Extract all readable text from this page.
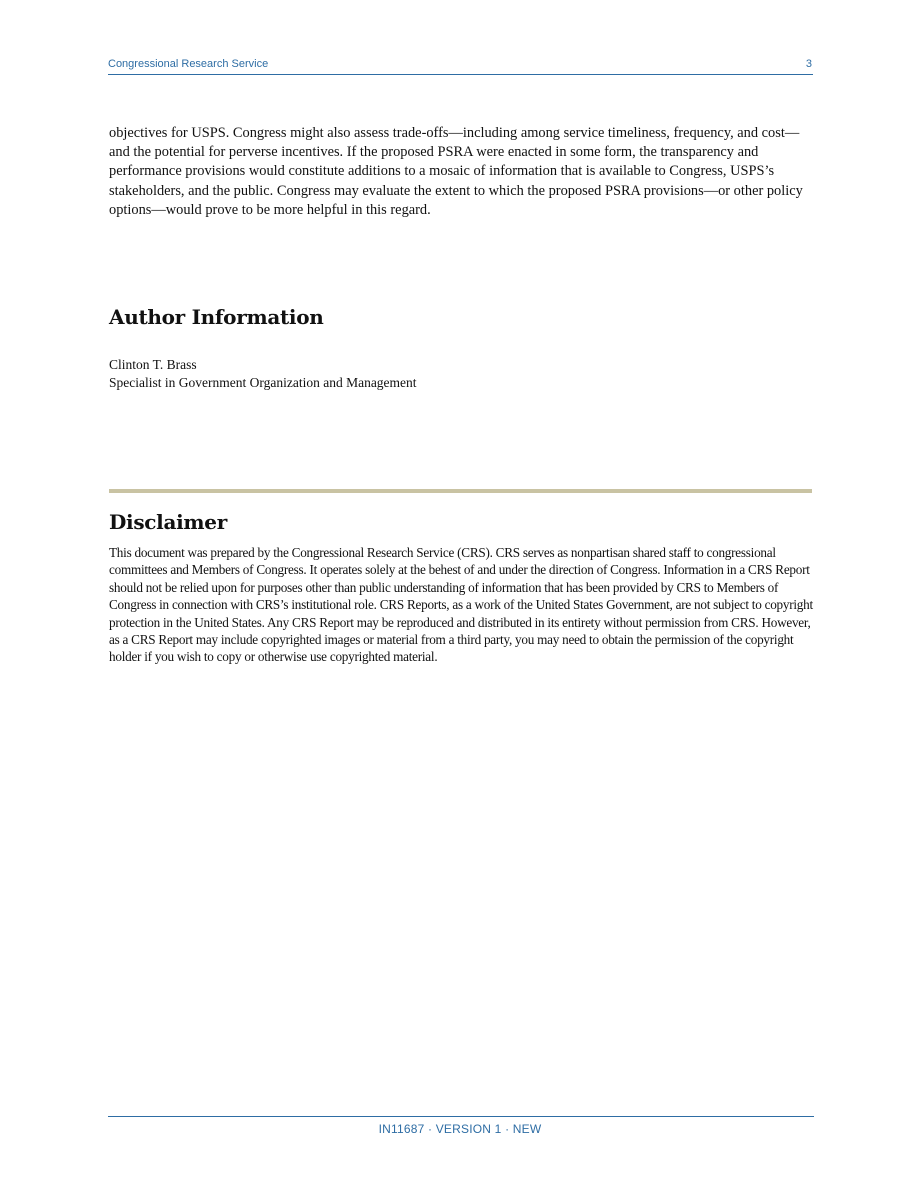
Congressional Research Service	3

objectives for USPS. Congress might also assess trade-offs—including among service timeliness, frequency, and cost—and the potential for perverse incentives. If the proposed PSRA were enacted in some form, the transparency and performance provisions would constitute additions to a mosaic of information that is available to Congress, USPS’s stakeholders, and the public. Congress may evaluate the extent to which the proposed PSRA provisions—or other policy options—would prove to be more helpful in this regard.

Author Information
Clinton T. Brass
Specialist in Government Organization and Management
Disclaimer

This document was prepared by the Congressional Research Service (CRS). CRS serves as nonpartisan shared staff to congressional committees and Members of Congress. It operates solely at the behest of and under the direction of Congress. Information in a CRS Report should not be relied upon for purposes other than public understanding of information that has been provided by CRS to Members of Congress in connection with CRS’s institutional role. CRS Reports, as a work of the United States Government, are not subject to copyright protection in the United States. Any CRS Report may be reproduced and distributed in its entirety without permission from CRS. However, as a CRS Report may include copyrighted images or material from a third party, you may need to obtain the permission of the copyright holder if you wish to copy or otherwise use copyrighted material.

IN11687 · VERSION 1 · NEW
